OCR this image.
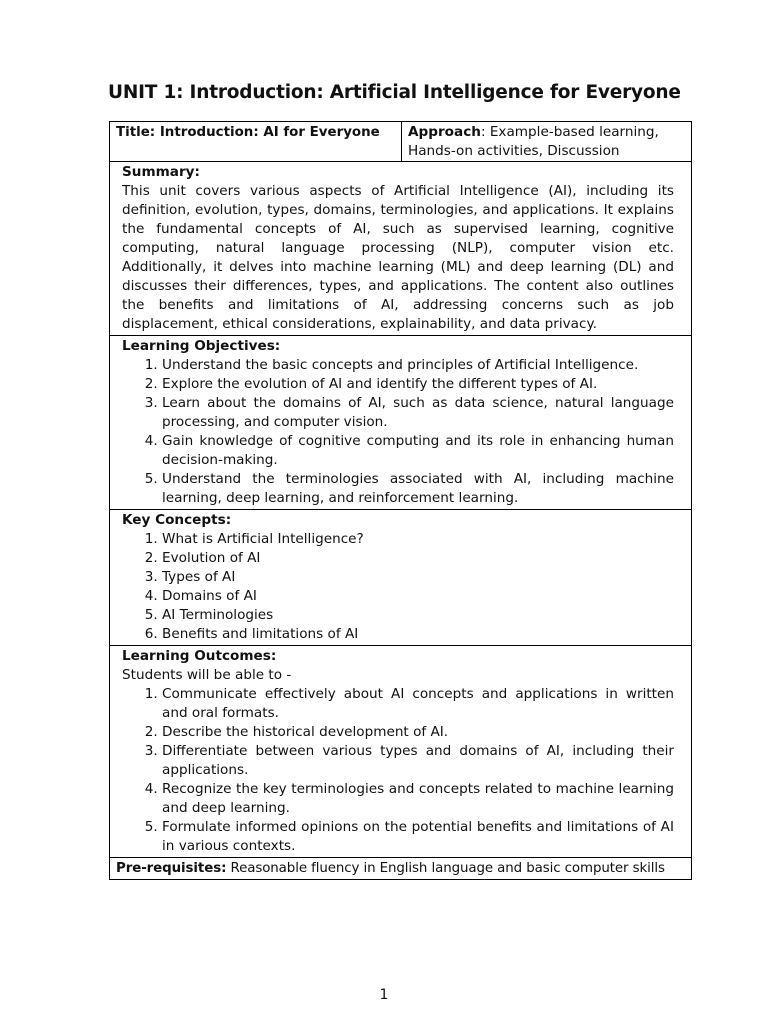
UNIT 1: Introduction: Artificial Intelligence for Everyone
Title: Introduction: AI for Everyone	Approach: Example-based learning, Hands-on activities, Discussion

Summary:

This unit covers various aspects of Artificial Intelligence (AI), including its definition, evolution, types, domains, terminologies, and applications. It explains the fundamental concepts of AI, such as supervised learning, cognitive computing, natural language processing (NLP), computer vision etc. Additionally, it delves into machine learning (ML) and deep learning (DL) and discusses their differences, types, and applications. The content also outlines the benefits and limitations of AI, addressing concerns such as job displacement, ethical considerations, explainability, and data privacy.

Learning Objectives:
1. Understand the basic concepts and principles of Artificial Intelligence.
2. Explore the evolution of AI and identify the different types of AI.
3. Learn about the domains of AI, such as data science, natural language processing, and computer vision.
4. Gain knowledge of cognitive computing and its role in enhancing human decision-making.
5. Understand the terminologies associated with AI, including machine learning, deep learning, and reinforcement learning.

Key Concepts:
1. What is Artificial Intelligence?
2. Evolution of AI
3. Types of AI
4. Domains of AI
5. AI Terminologies
6. Benefits and limitations of AI

Learning Outcomes:
Students will be able to -
1. Communicate effectively about AI concepts and applications in written and oral formats.
2. Describe the historical development of AI.
3. Differentiate between various types and domains of AI, including their applications.
4. Recognize the key terminologies and concepts related to machine learning and deep learning.
5. Formulate informed opinions on the potential benefits and limitations of AI in various contexts.

Pre-requisites: Reasonable fluency in English language and basic computer skills
1
